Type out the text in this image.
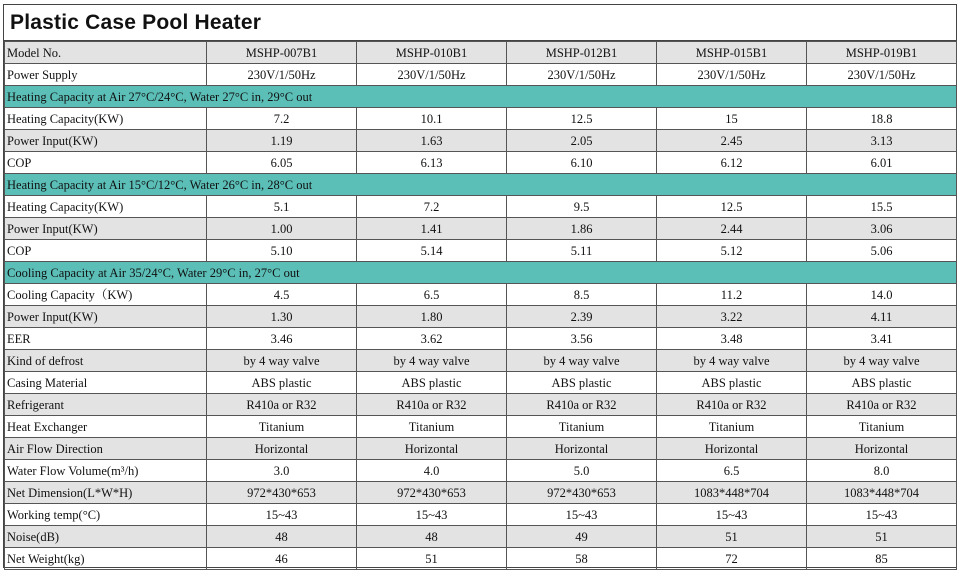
Plastic Case Pool Heater
Model No.	MSHP-007B1	MSHP-010B1	MSHP-012B1	MSHP-015B1	MSHP-019B1
Power Supply	230V/1/50Hz	230V/1/50Hz	230V/1/50Hz	230V/1/50Hz	230V/1/50Hz
Heating Capacity at Air 27°C/24°C, Water 27°C in, 29°C out					
Heating Capacity(KW)	7.2	10.1	12.5	15	18.8
Power Input(KW)	1.19	1.63	2.05	2.45	3.13
COP	6.05	6.13	6.10	6.12	6.01
Heating Capacity at Air 15°C/12°C, Water 26°C in, 28°C out					
Heating Capacity(KW)	5.1	7.2	9.5	12.5	15.5
Power Input(KW)	1.00	1.41	1.86	2.44	3.06
COP	5.10	5.14	5.11	5.12	5.06
Cooling Capacity at Air 35/24°C, Water 29°C in, 27°C out					
Cooling Capacity（KW)	4.5	6.5	8.5	11.2	14.0
Power Input(KW)	1.30	1.80	2.39	3.22	4.11
EER	3.46	3.62	3.56	3.48	3.41
Kind of defrost	by 4 way valve	by 4 way valve	by 4 way valve	by 4 way valve	by 4 way valve
Casing Material	ABS plastic	ABS plastic	ABS plastic	ABS plastic	ABS plastic
Refrigerant	R410a or R32	R410a or R32	R410a or R32	R410a or R32	R410a or R32
Heat Exchanger	Titanium	Titanium	Titanium	Titanium	Titanium
Air Flow Direction	Horizontal	Horizontal	Horizontal	Horizontal	Horizontal
Water Flow Volume(m³/h)	3.0	4.0	5.0	6.5	8.0
Net Dimension(L*W*H)	972*430*653	972*430*653	972*430*653	1083*448*704	1083*448*704
Working temp(°C)	15~43	15~43	15~43	15~43	15~43
Noise(dB)	48	48	49	51	51
Net Weight(kg)	46	51	58	72	85
